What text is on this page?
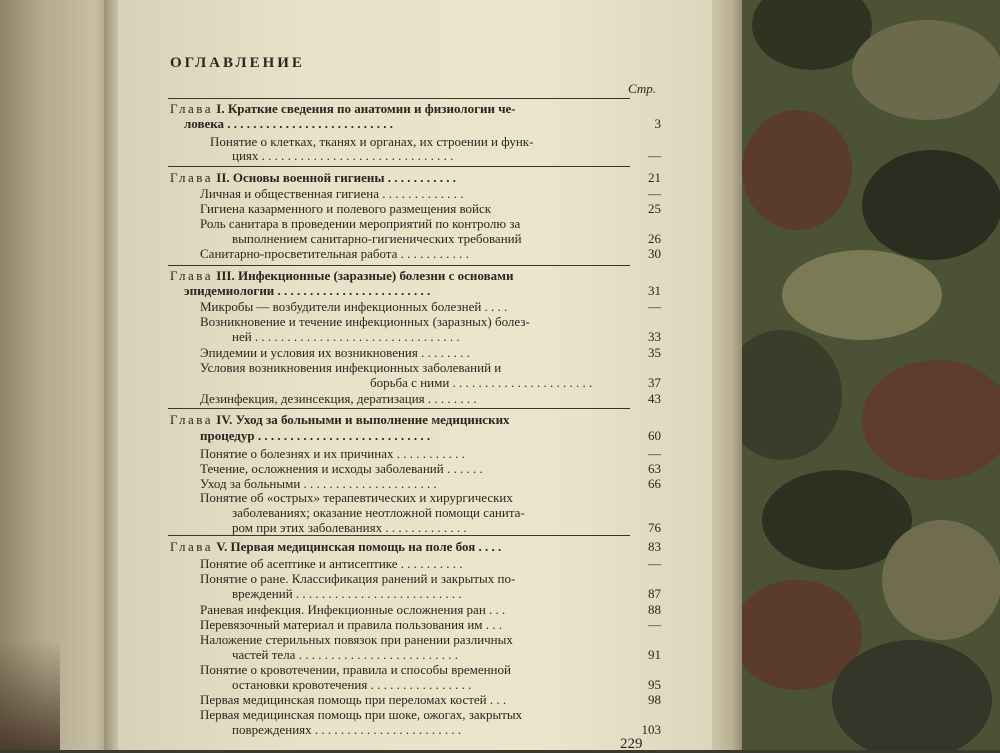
ОГЛАВЛЕНИЕ
Стр.
Глава I. Краткие сведения по анатомии и физиологии че-
ловека . . . . . . . . . . . . . . . . . . . . . . . . . .
Понятие о клетках, тканях и органах, их строении и функ-
циях . . . . . . . . . . . . . . . . . . . . . . . . . . . . . .
Глава II. Основы военной гигиены . . . . . . . . . . .
Личная и общественная гигиена . . . . . . . . . . . . .
Гигиена казарменного и полевого размещения войск
Роль санитара в проведении мероприятий по контролю за
выполнением санитарно-гигиенических требований
Санитарно-просветительная работа . . . . . . . . . . .
Глава III. Инфекционные (заразные) болезни с основами
эпидемиологии . . . . . . . . . . . . . . . . . . . . . . . .
Микробы — возбудители инфекционных болезней . . . .
Возникновение и течение инфекционных (заразных) болез-
ней . . . . . . . . . . . . . . . . . . . . . . . . . . . . . . . .
Эпидемии и условия их возникновения . . . . . . . .
Условия возникновения инфекционных заболеваний и
борьба с ними . . . . . . . . . . . . . . . . . . . . . .
Дезинфекция, дезинсекция, дератизация . . . . . . . .
Глава IV. Уход за больными и выполнение медицинских
процедур . . . . . . . . . . . . . . . . . . . . . . . . . . .
Понятие о болезнях и их причинах . . . . . . . . . . .
Течение, осложнения и исходы заболеваний . . . . . .
Уход за больными . . . . . . . . . . . . . . . . . . . . .
Понятие об «острых» терапевтических и хирургических
заболеваниях; оказание неотложной помощи санита-
ром при этих заболеваниях . . . . . . . . . . . . .
Глава V. Первая медицинская помощь на поле боя . . . .
Понятие об асептике и антисептике . . . . . . . . . .
Понятие о ране. Классификация ранений и закрытых по-
вреждений . . . . . . . . . . . . . . . . . . . . . . . . . .
Раневая инфекция. Инфекционные осложнения ран . . .
Перевязочный материал и правила пользования им . . .
Наложение стерильных повязок при ранении различных
частей тела . . . . . . . . . . . . . . . . . . . . . . . . .
Понятие о кровотечении, правила и способы временной
остановки кровотечения . . . . . . . . . . . . . . . .
Первая медицинская помощь при переломах костей . . .
Первая медицинская помощь при шоке, ожогах, закрытых
повреждениях . . . . . . . . . . . . . . . . . . . . . . .
3
—
21
—
25
26
30
31
—
33
35
37
43
60
—
63
66
76
83
—
87
88
—
91
95
98
103
229
